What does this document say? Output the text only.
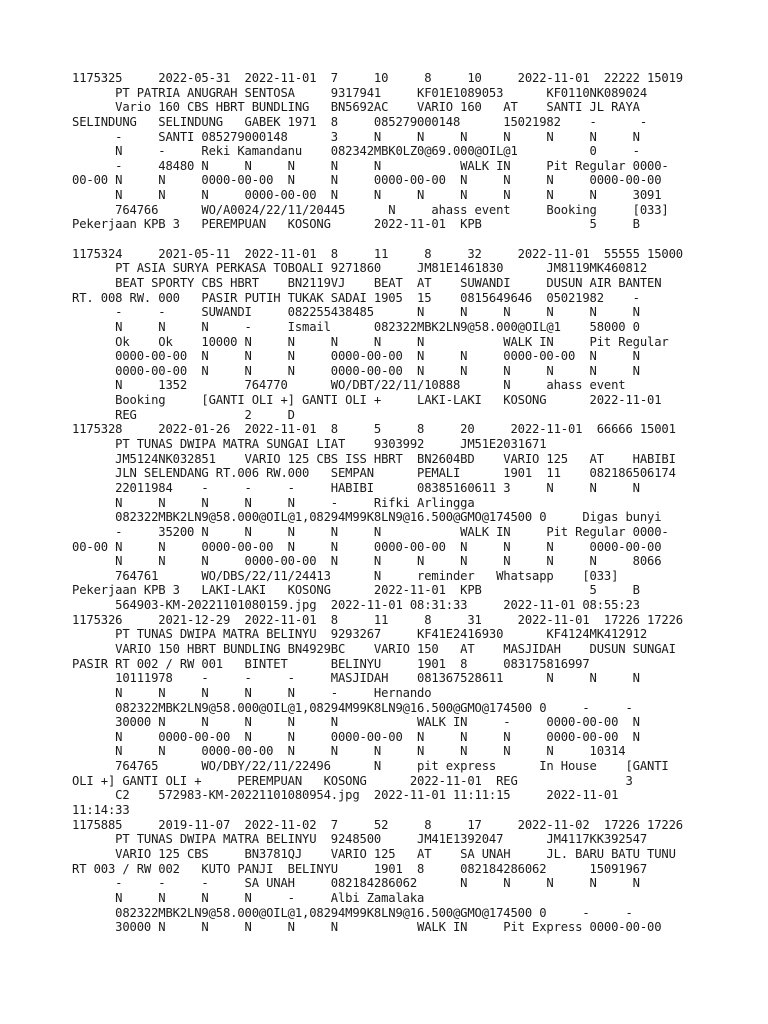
1175325     2022-05-31  2022-11-01  7     10     8     10     2022-11-01  22222 15019
PT PATRIA ANUGRAH SENTOSA     9317941     KF01E1089053      KF0110NK089024
Vario 160 CBS HBRT BUNDLING   BN5692AC    VARIO 160   AT    SANTI JL RAYA
SELINDUNG   SELINDUNG   GABEK 1971  8     085279000148      15021982    -      -
-     SANTI 085279000148      3     N     N     N     N     N     N     N
N     -     Reki Kamandanu    082342MBK0LZ0@69.000@OIL@1          0     -
-     48480 N     N     N     N     N           WALK IN     Pit Regular 0000-
00-00 N     N     0000-00-00  N     N     0000-00-00  N     N     N     0000-00-00
N     N     N     0000-00-00  N     N     N     N     N     N     N     3091
764766      WO/A0024/22/11/20445      N     ahass event     Booking     [033]
Pekerjaan KPB 3   PEREMPUAN   KOSONG      2022-11-01  KPB               5     B
1175324     2021-05-11  2022-11-01  8     11     8     32     2022-11-01  55555 15000
PT ASIA SURYA PERKASA TOBOALI 9271860     JM81E1461830      JM8119MK460812
BEAT SPORTY CBS HBRT    BN2119VJ    BEAT  AT    SUWANDI     DUSUN AIR BANTEN
RT. 008 RW. 000   PASIR PUTIH TUKAK SADAI 1905  15    0815649646  05021982    -
-     -     SUWANDI     082255438485      N     N     N     N     N     N
N     N     N     -     Ismail      082322MBK2LN9@58.000@OIL@1    58000 0
Ok    Ok    10000 N     N     N     N     N           WALK IN     Pit Regular
0000-00-00  N     N     N     0000-00-00  N     N     0000-00-00  N     N
0000-00-00  N     N     N     0000-00-00  N     N     N     N     N     N
N     1352        764770      WO/DBT/22/11/10888      N     ahass event
Booking     [GANTI OLI +] GANTI OLI +     LAKI-LAKI   KOSONG      2022-11-01
REG               2     D
1175328     2022-01-26  2022-11-01  8     5     8     20     2022-11-01  66666 15001
PT TUNAS DWIPA MATRA SUNGAI LIAT    9303992     JM51E2031671
JM5124NK032851    VARIO 125 CBS ISS HBRT  BN2604BD    VARIO 125   AT    HABIBI
JLN SELENDANG RT.006 RW.000   SEMPAN      PEMALI      1901  11    082186506174
22011984    -     -     -     HABIBI      08385160611 3     N     N     N
N     N     N     N     N     -     Rifki Arlingga
082322MBK2LN9@58.000@OIL@1,08294M99K8LN9@16.500@GMO@174500 0     Digas bunyi
-     35200 N     N     N     N     N           WALK IN     Pit Regular 0000-
00-00 N     N     0000-00-00  N     N     0000-00-00  N     N     N     0000-00-00
N     N     N     0000-00-00  N     N     N     N     N     N     N     8066
764761      WO/DBS/22/11/24413      N     reminder   Whatsapp    [033]
Pekerjaan KPB 3   LAKI-LAKI   KOSONG      2022-11-01  KPB               5     B
564903-KM-20221101080159.jpg  2022-11-01 08:31:33     2022-11-01 08:55:23
1175326     2021-12-29  2022-11-01  8     11     8     31     2022-11-01  17226 17226
PT TUNAS DWIPA MATRA BELINYU  9293267     KF41E2416930      KF4124MK412912
VARIO 150 HBRT BUNDLING BN4929BC    VARIO 150   AT    MASJIDAH    DUSUN SUNGAI
PASIR RT 002 / RW 001   BINTET      BELINYU     1901  8     083175816997
10111978    -     -     -     MASJIDAH    081367528611      N     N     N
N     N     N     N     N     -     Hernando
082322MBK2LN9@58.000@OIL@1,08294M99K8LN9@16.500@GMO@174500 0     -     -
30000 N     N     N     N     N           WALK IN     -     0000-00-00  N
N     0000-00-00  N     N     0000-00-00  N     N     N     0000-00-00  N
N     N     0000-00-00  N     N     N     N     N     N     N     10314
764765      WO/DBY/22/11/22496      N     pit express      In House    [GANTI
OLI +] GANTI OLI +     PEREMPUAN   KOSONG      2022-11-01  REG               3
C2    572983-KM-20221101080954.jpg  2022-11-01 11:11:15     2022-11-01
11:14:33
1175885     2019-11-07  2022-11-02  7     52     8     17     2022-11-02  17226 17226
PT TUNAS DWIPA MATRA BELINYU  9248500     JM41E1392047      JM4117KK392547
VARIO 125 CBS     BN3781QJ    VARIO 125   AT    SA UNAH     JL. BARU BATU TUNU
RT 003 / RW 002   KUTO PANJI  BELINYU     1901  8     082184286062      15091967
-     -     -     SA UNAH     082184286062      N     N     N     N     N
N     N     N     N     -     Albi Zamalaka
082322MBK2LN9@58.000@OIL@1,08294M99K8LN9@16.500@GMO@174500 0     -     -
30000 N     N     N     N     N           WALK IN     Pit Express 0000-00-00
